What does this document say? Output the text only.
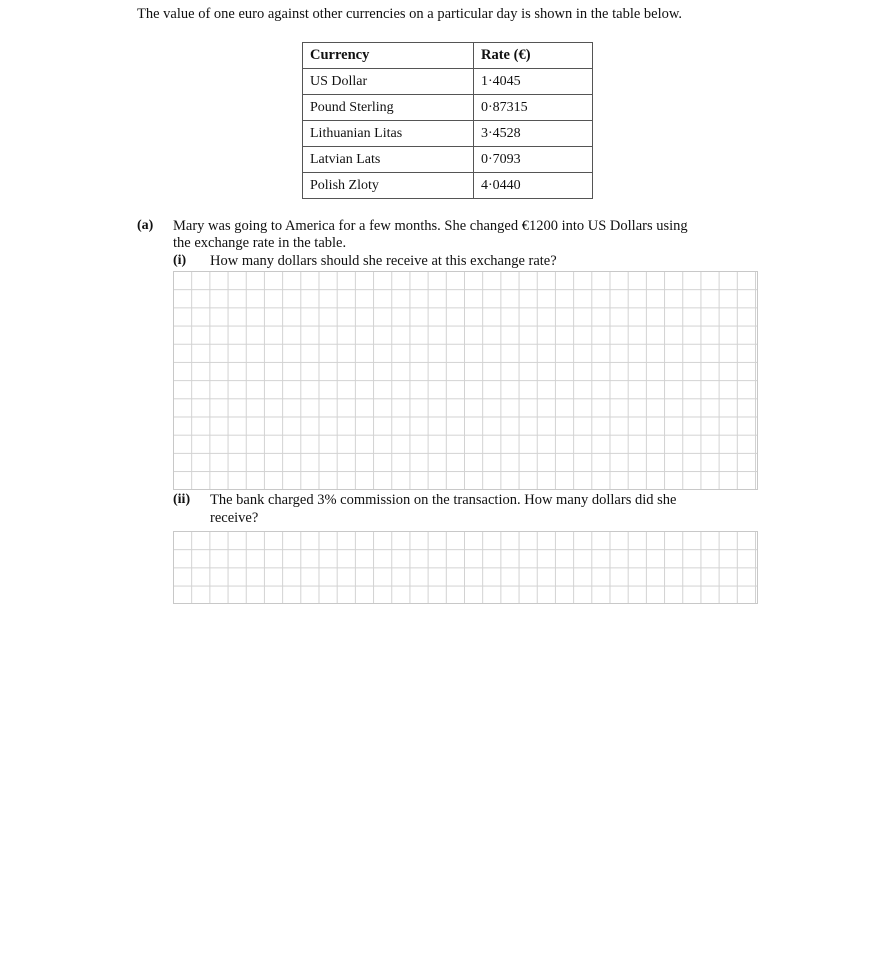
The value of one euro against other currencies on a particular day is shown in the table below.
Currency	Rate (€)
US Dollar	1·4045
Pound Sterling	0·87315
Lithuanian Litas	3·4528
Latvian Lats	0·7093
Polish Zloty	4·0440
(a) Mary was going to America for a few months. She changed €1200 into US Dollars using
the exchange rate in the table.
(i) How many dollars should she receive at this exchange rate?
(ii) The bank charged 3% commission on the transaction. How many dollars did she
receive?
